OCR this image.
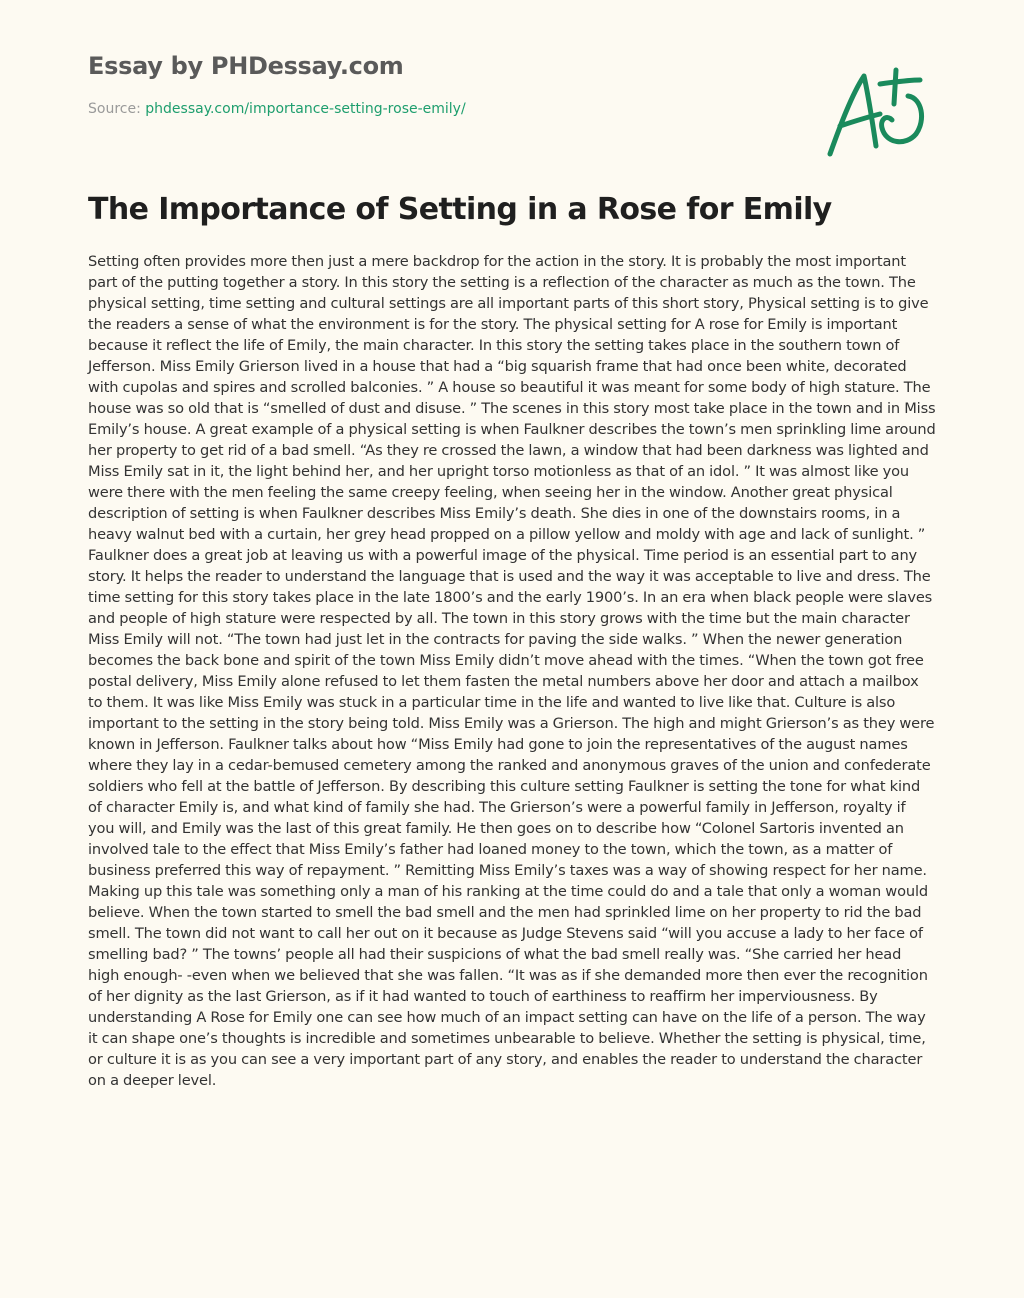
Essay by PHDessay.com
Source: phdessay.com/importance-setting-rose-emily/
The Importance of Setting in a Rose for Emily

Setting often provides more then just a mere backdrop for the action in the story. It is probably the most important part of the putting together a story. In this story the setting is a reflection of the character as much as the town. The physical setting, time setting and cultural settings are all important parts of this short story, Physical setting is to give the readers a sense of what the environment is for the story. The physical setting for A rose for Emily is important because it reflect the life of Emily, the main character. In this story the setting takes place in the southern town of Jefferson. Miss Emily Grierson lived in a house that had a “big squarish frame that had once been white, decorated with cupolas and spires and scrolled balconies. ” A house so beautiful it was meant for some body of high stature. The house was so old that is “smelled of dust and disuse. ” The scenes in this story most take place in the town and in Miss Emily’s house. A great example of a physical setting is when Faulkner describes the town’s men sprinkling lime around her property to get rid of a bad smell. “As they re crossed the lawn, a window that had been darkness was lighted and Miss Emily sat in it, the light behind her, and her upright torso motionless as that of an idol. ” It was almost like you were there with the men feeling the same creepy feeling, when seeing her in the window. Another great physical description of setting is when Faulkner describes Miss Emily’s death. She dies in one of the downstairs rooms, in a heavy walnut bed with a curtain, her grey head propped on a pillow yellow and moldy with age and lack of sunlight. ” Faulkner does a great job at leaving us with a powerful image of the physical. Time period is an essential part to any story. It helps the reader to understand the language that is used and the way it was acceptable to live and dress. The time setting for this story takes place in the late 1800’s and the early 1900’s. In an era when black people were slaves and people of high stature were respected by all. The town in this story grows with the time but the main character Miss Emily will not. “The town had just let in the contracts for paving the side walks. ” When the newer generation becomes the back bone and spirit of the town Miss Emily didn’t move ahead with the times. “When the town got free postal delivery, Miss Emily alone refused to let them fasten the metal numbers above her door and attach a mailbox to them. It was like Miss Emily was stuck in a particular time in the life and wanted to live like that. Culture is also important to the setting in the story being told. Miss Emily was a Grierson. The high and might Grierson’s as they were known in Jefferson. Faulkner talks about how “Miss Emily had gone to join the representatives of the august names where they lay in a cedar-bemused cemetery among the ranked and anonymous graves of the union and confederate soldiers who fell at the battle of Jefferson. By describing this culture setting Faulkner is setting the tone for what kind of character Emily is, and what kind of family she had. The Grierson’s were a powerful family in Jefferson, royalty if you will, and Emily was the last of this great family. He then goes on to describe how “Colonel Sartoris invented an involved tale to the effect that Miss Emily’s father had loaned money to the town, which the town, as a matter of business preferred this way of repayment. ” Remitting Miss Emily’s taxes was a way of showing respect for her name. Making up this tale was something only a man of his ranking at the time could do and a tale that only a woman would believe. When the town started to smell the bad smell and the men had sprinkled lime on her property to rid the bad smell. The town did not want to call her out on it because as Judge Stevens said “will you accuse a lady to her face of smelling bad? ” The towns’ people all had their suspicions of what the bad smell really was. “She carried her head high enough- -even when we believed that she was fallen. “It was as if she demanded more then ever the recognition of her dignity as the last Grierson, as if it had wanted to touch of earthiness to reaffirm her imperviousness. By understanding A Rose for Emily one can see how much of an impact setting can have on the life of a person. The way it can shape one’s thoughts is incredible and sometimes unbearable to believe. Whether the setting is physical, time, or culture it is as you can see a very important part of any story, and enables the reader to understand the character on a deeper level.
